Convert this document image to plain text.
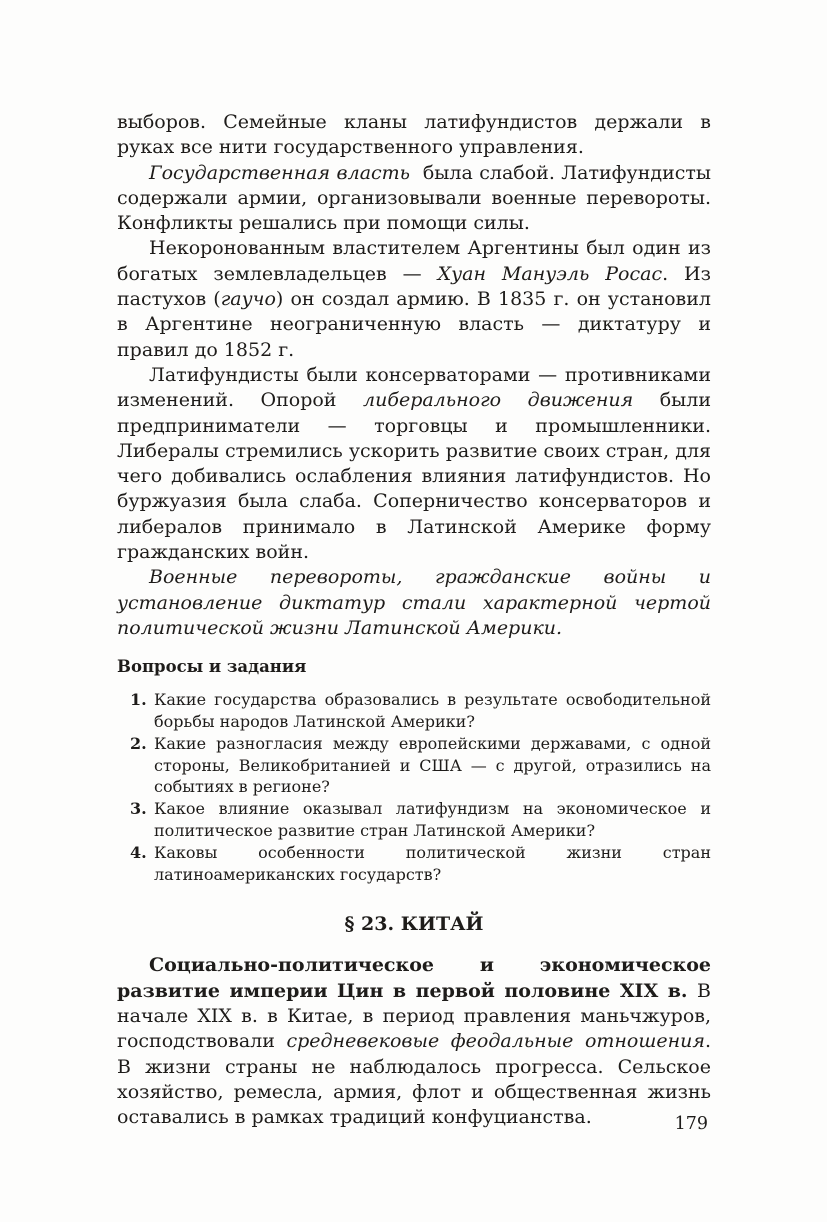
выборов. Семейные кланы латифундистов держали в руках все нити государственного управления.

Государственная власть  была слабой. Латифундисты содержали армии, организовывали военные перевороты. Конфликты решались при помощи силы.

Некоронованным властителем Аргентины был один из богатых землевладельцев — Хуан Мануэль Росас. Из пастухов (гаучо) он создал армию. В 1835 г. он установил в Аргентине неограниченную власть — диктатуру и правил до 1852 г.

Латифундисты были консерваторами — противниками изменений. Опорой либерального движения были предприниматели — торговцы и промышленники. Либералы стремились ускорить развитие своих стран, для чего добивались ослабления влияния латифундистов. Но буржуазия была слаба. Соперничество консерваторов и либералов принимало в Латинской Америке форму гражданских войн.

Военные перевороты, гражданские войны и установление диктатур стали характерной чертой политической жизни Латинской Америки.

Вопросы и задания

1. Какие государства образовались в результате освободительной борьбы народов Латинской Америки?
2. Какие разногласия между европейскими державами, с одной стороны, Великобританией и США — с другой, отразились на событиях в регионе?
3. Какое влияние оказывал латифундизм на экономическое и политическое развитие стран Латинской Америки?
4. Каковы особенности политической жизни стран латиноамериканских государств?
§ 23. КИТАЙ

Социально-политическое и экономическое развитие империи Цин в первой половине XIX в. В начале XIX в. в Китае, в период правления маньчжуров, господствовали средневековые феодальные отношения. В жизни страны не наблюдалось прогресса. Сельское хозяйство, ремесла, армия, флот и общественная жизнь оставались в рамках традиций конфуцианства.	179
